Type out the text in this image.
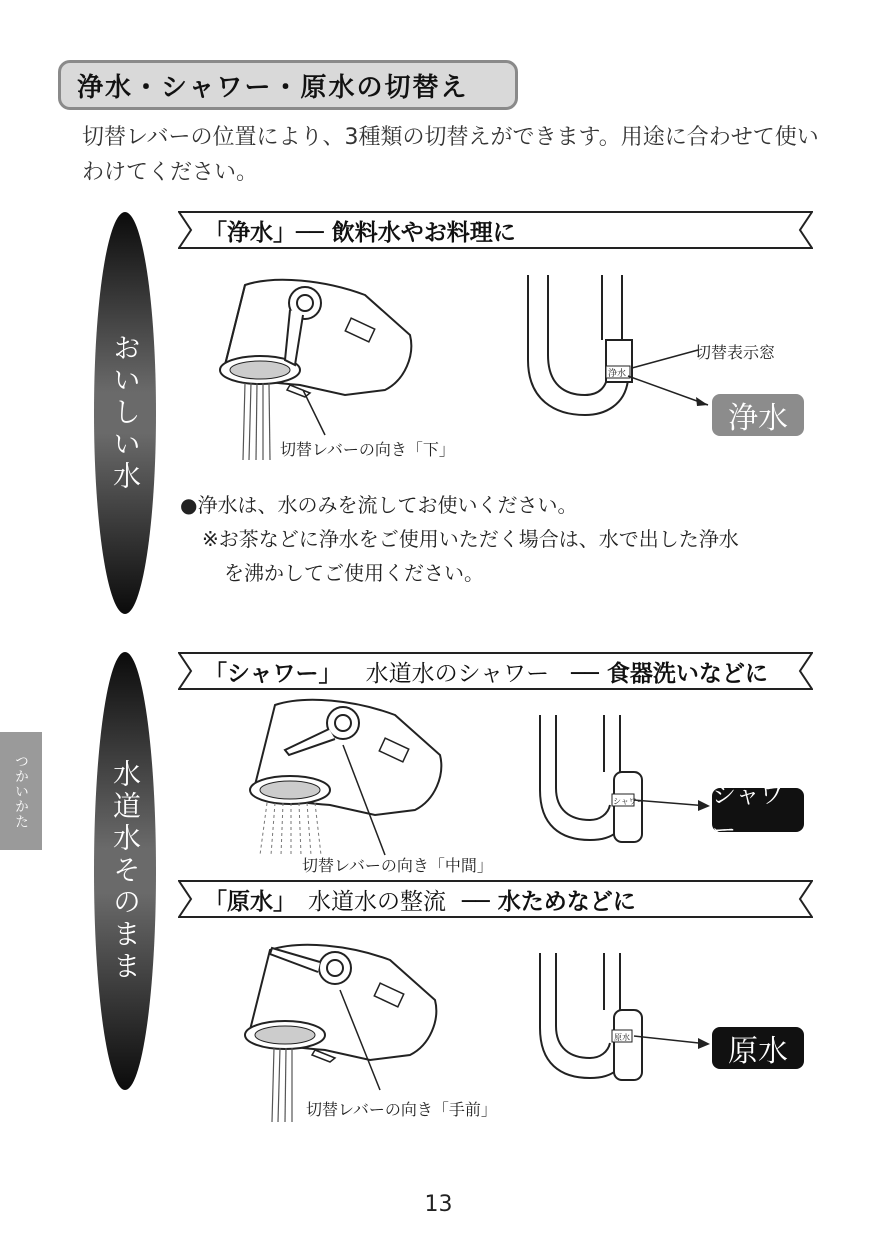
浄水・シャワー・原水の切替え
切替レバーの位置により、3種類の切替えができます。用途に合わせて使いわけてください。
おいしい水
水道水そのまま
つかいかた
「浄水」── 飲料水やお料理に
切替レバーの向き「下」
浄水
切替表示窓
浄水
●浄水は、水のみを流してお使いください。
※お茶などに浄水をご使用いただく場合は、水で出した浄水
を沸かしてご使用ください。
「シャワー」 水道水のシャワー ── 食器洗いなどに
切替レバーの向き「中間」
シャワー	シャワー
「原水」 水道水の整流 ── 水ためなどに
切替レバーの向き「手前」
原水	原水
13
